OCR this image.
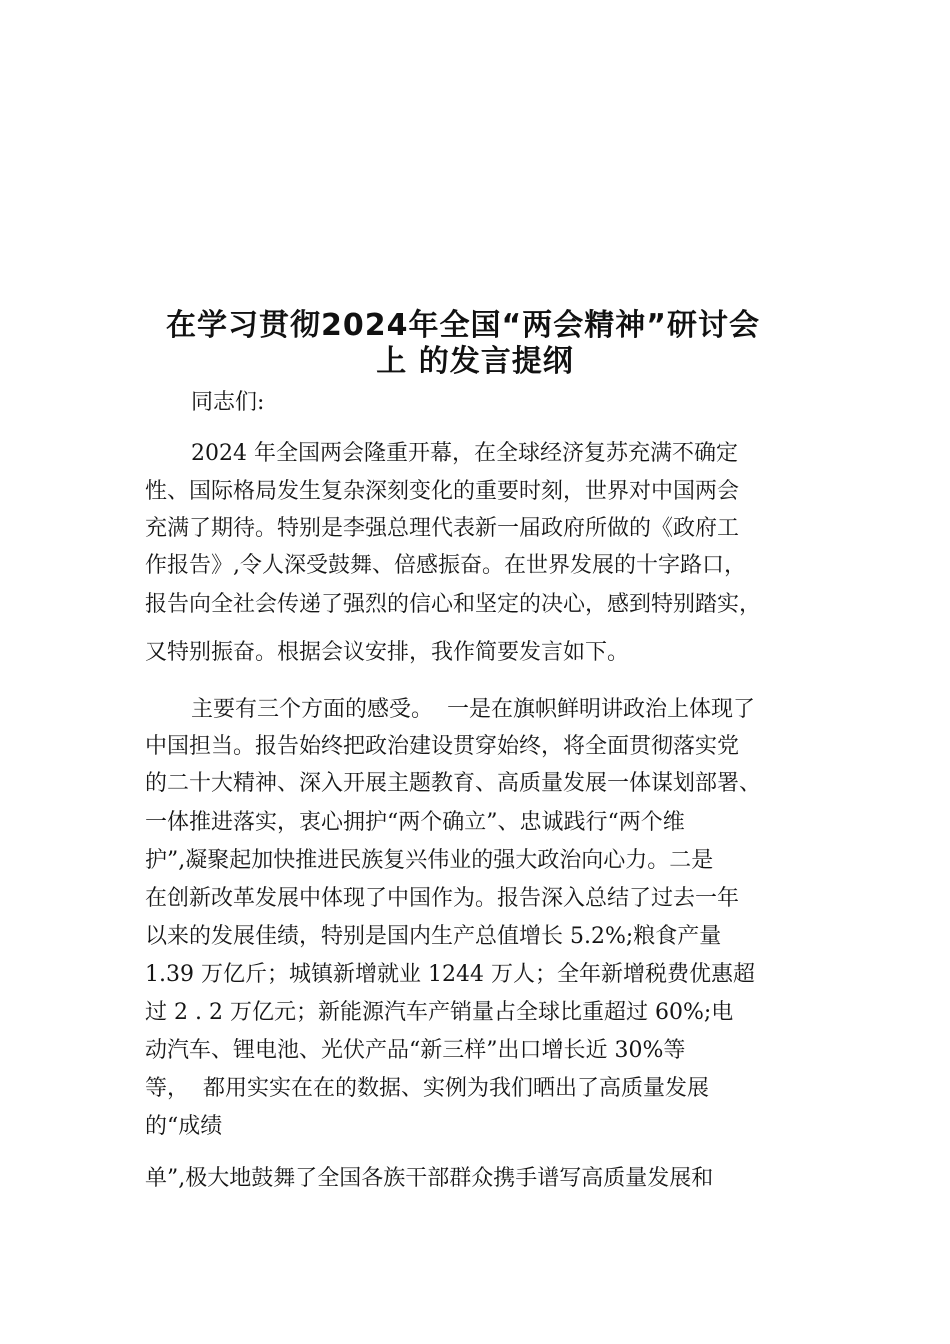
在学习贯彻2024年全国“两会精神”研讨会
上 的发言提纲
同志们:
2024 年全国两会隆重开幕，在全球经济复苏充满不确定
性、国际格局发生复杂深刻变化的重要时刻，世界对中国两会
充满了期待。特别是李强总理代表新一届政府所做的《政府工
作报告》,令人深受鼓舞、倍感振奋。在世界发展的十字路口，
报告向全社会传递了强烈的信心和坚定的决心，感到特别踏实，
又特别振奋。根据会议安排，我作简要发言如下。
主要有三个方面的感受。  一是在旗帜鲜明讲政治上体现了
中国担当。报告始终把政治建设贯穿始终，将全面贯彻落实党
的二十大精神、深入开展主题教育、高质量发展一体谋划部署、
一体推进落实，衷心拥护“两个确立”、忠诚践行“两个维
护”,凝聚起加快推进民族复兴伟业的强大政治向心力。二是
在创新改革发展中体现了中国作为。报告深入总结了过去一年
以来的发展佳绩，特别是国内生产总值增长 5.2%;粮食产量
1.39 万亿斤；城镇新增就业 1244 万人；全年新增税费优惠超
过 2 . 2 万亿元；新能源汽车产销量占全球比重超过 60%;电
动汽车、锂电池、光伏产品“新三样”出口增长近 30%等
等，  都用实实在在的数据、实例为我们晒出了高质量发展
的“成绩
单”,极大地鼓舞了全国各族干部群众携手谱写高质量发展和
